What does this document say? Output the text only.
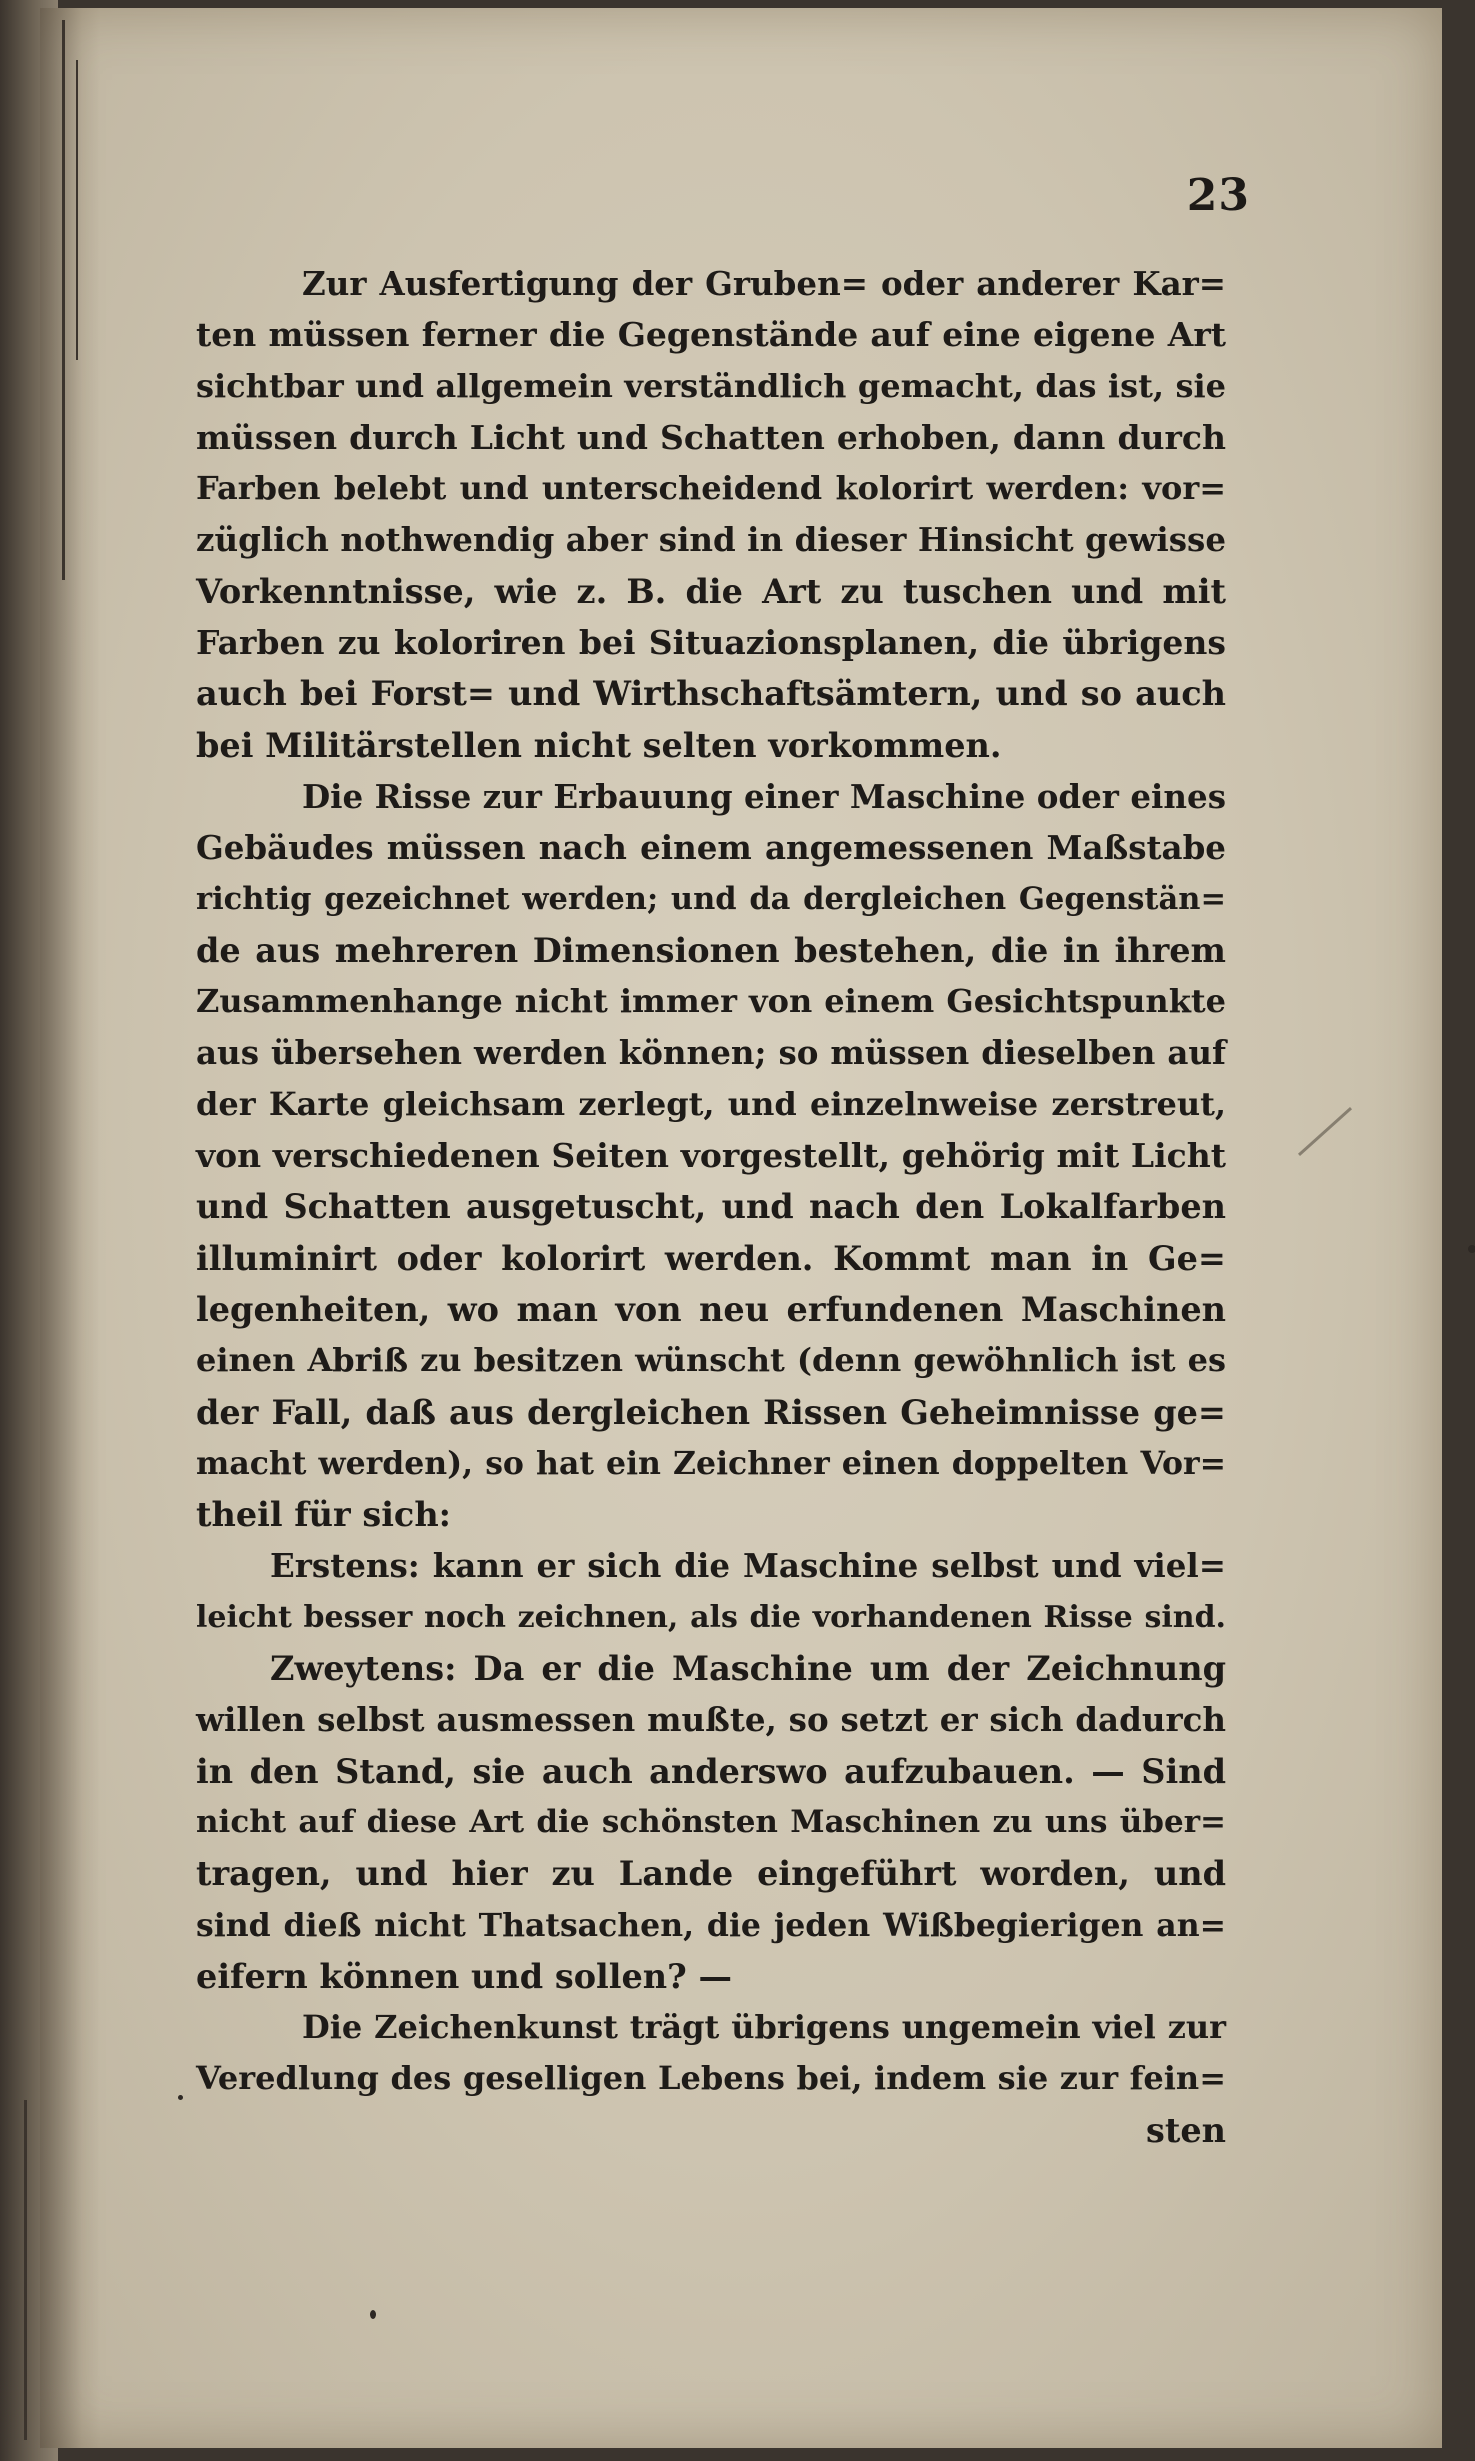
23
Zur Ausfertigung der Gruben= oder anderer Kar=
ten müssen ferner die Gegenstände auf eine eigene Art
sichtbar und allgemein verständlich gemacht, das ist, sie
müssen durch Licht und Schatten erhoben, dann durch
Farben belebt und unterscheidend kolorirt werden: vor=
züglich nothwendig aber sind in dieser Hinsicht gewisse
Vorkenntnisse, wie z. B. die Art zu tuschen und mit
Farben zu koloriren bei Situazionsplanen, die übrigens
auch bei Forst= und Wirthschaftsämtern, und so auch
bei Militärstellen nicht selten vorkommen.
Die Risse zur Erbauung einer Maschine oder eines
Gebäudes müssen nach einem angemessenen Maßstabe
richtig gezeichnet werden; und da dergleichen Gegenstän=
de aus mehreren Dimensionen bestehen, die in ihrem
Zusammenhange nicht immer von einem Gesichtspunkte
aus übersehen werden können; so müssen dieselben auf
der Karte gleichsam zerlegt, und einzelnweise zerstreut,
von verschiedenen Seiten vorgestellt, gehörig mit Licht
und Schatten ausgetuscht, und nach den Lokalfarben
illuminirt oder kolorirt werden. Kommt man in Ge=
legenheiten, wo man von neu erfundenen Maschinen
einen Abriß zu besitzen wünscht (denn gewöhnlich ist es
der Fall, daß aus dergleichen Rissen Geheimnisse ge=
macht werden), so hat ein Zeichner einen doppelten Vor=
theil für sich:
Erstens: kann er sich die Maschine selbst und viel=
leicht besser noch zeichnen, als die vorhandenen Risse sind.
Zweytens: Da er die Maschine um der Zeichnung
willen selbst ausmessen mußte, so setzt er sich dadurch
in den Stand, sie auch anderswo aufzubauen. — Sind
nicht auf diese Art die schönsten Maschinen zu uns über=
tragen, und hier zu Lande eingeführt worden, und
sind dieß nicht Thatsachen, die jeden Wißbegierigen an=
eifern können und sollen? —
Die Zeichenkunst trägt übrigens ungemein viel zur
Veredlung des geselligen Lebens bei, indem sie zur fein=
sten
